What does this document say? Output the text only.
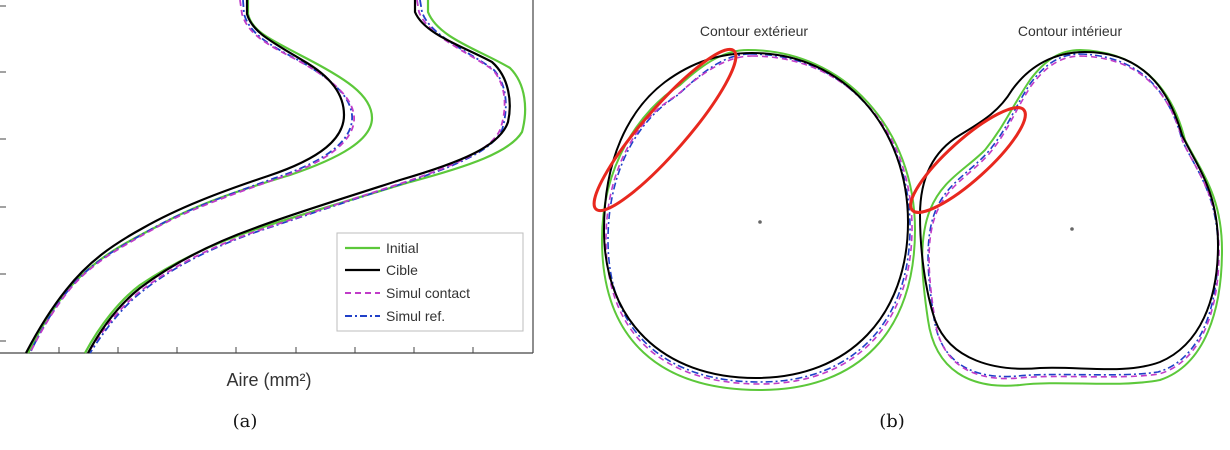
Initial
Cible
Simul contact
Simul ref.
Aire (mm²)
(a)
Contour extérieur	Contour intérieur
(b)
